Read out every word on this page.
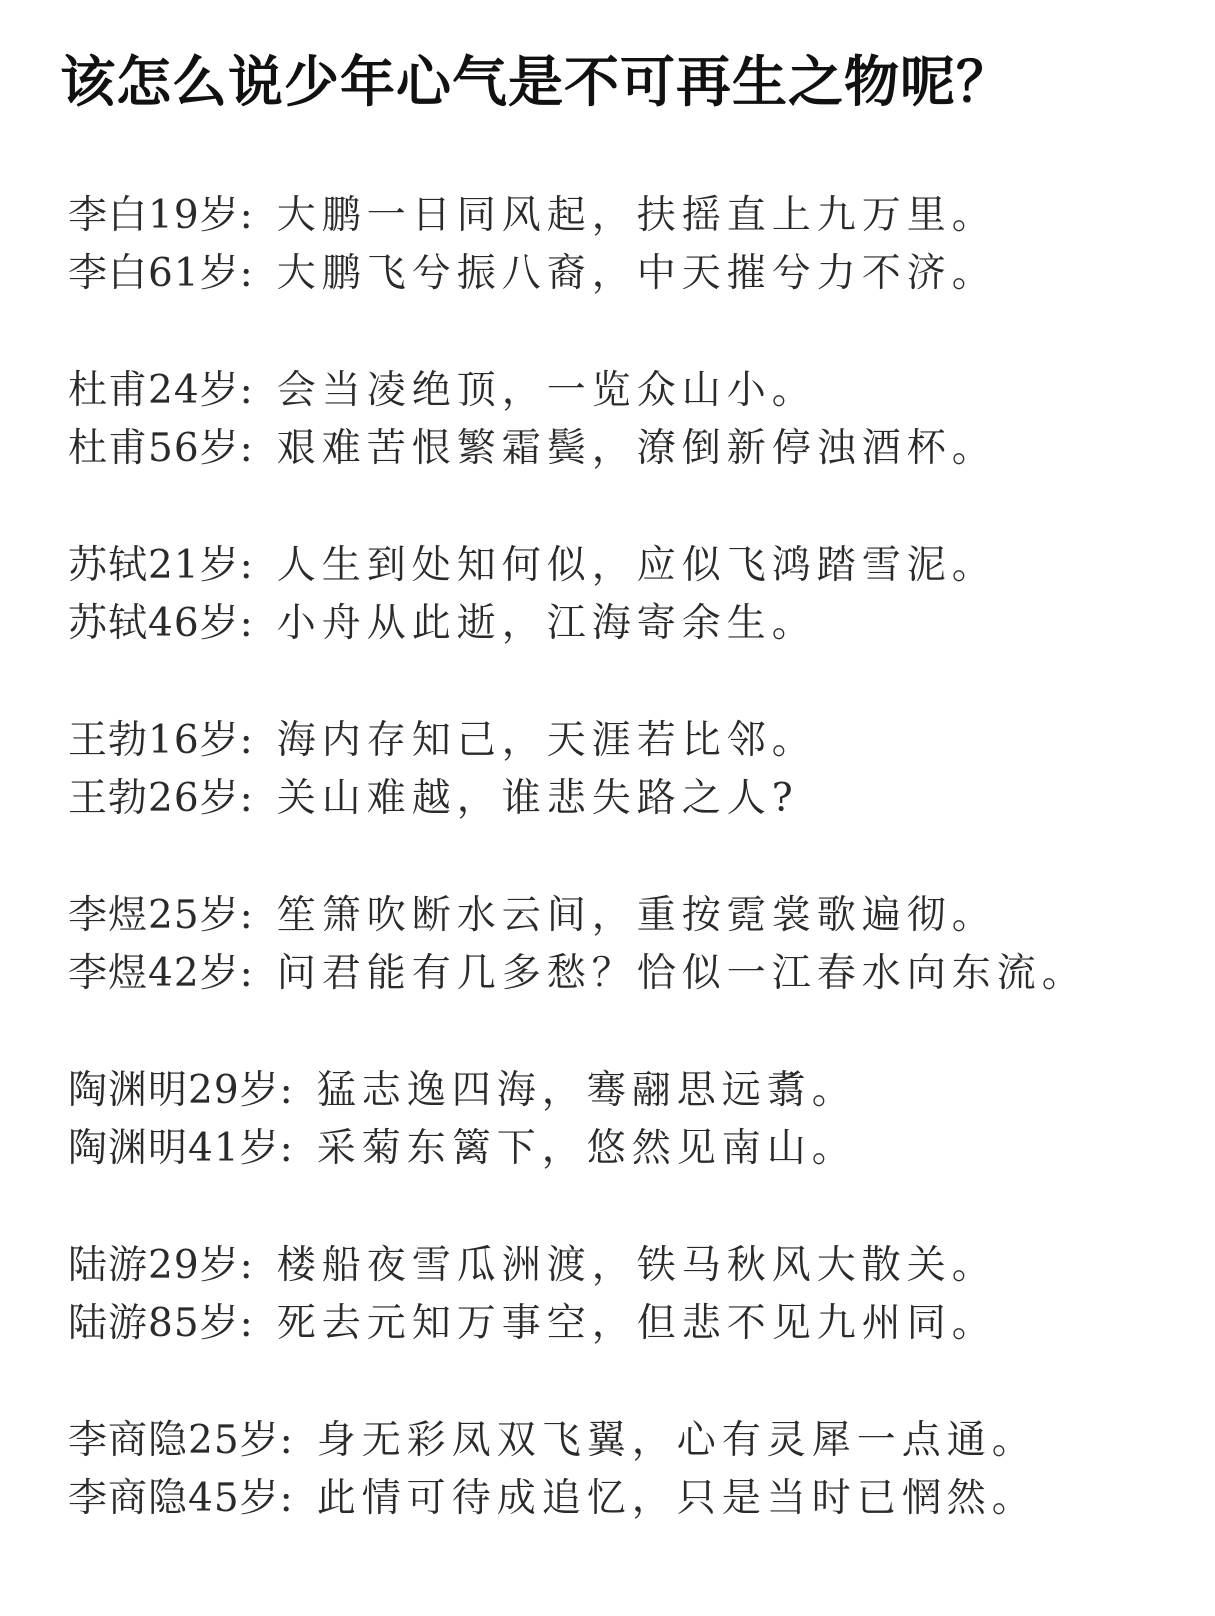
该怎么说少年心气是不可再生之物呢？
李白19岁: 大鹏一日同风起，扶摇直上九万里。
李白61岁: 大鹏飞兮振八裔，中天摧兮力不济。
杜甫24岁: 会当凌绝顶，一览众山小。
杜甫56岁: 艰难苦恨繁霜鬓，潦倒新停浊酒杯。
苏轼21岁: 人生到处知何似，应似飞鸿踏雪泥。
苏轼46岁: 小舟从此逝，江海寄余生。
王勃16岁: 海内存知己，天涯若比邻。
王勃26岁: 关山难越，谁悲失路之人?
李煜25岁: 笙箫吹断水云间，重按霓裳歌遍彻。
李煜42岁: 问君能有几多愁？恰似一江春水向东流。
陶渊明29岁: 猛志逸四海，骞翮思远翥。
陶渊明41岁: 采菊东篱下，悠然见南山。
陆游29岁: 楼船夜雪瓜洲渡，铁马秋风大散关。
陆游85岁: 死去元知万事空，但悲不见九州同。
李商隐25岁: 身无彩凤双飞翼，心有灵犀一点通。
李商隐45岁: 此情可待成追忆，只是当时已惘然。
